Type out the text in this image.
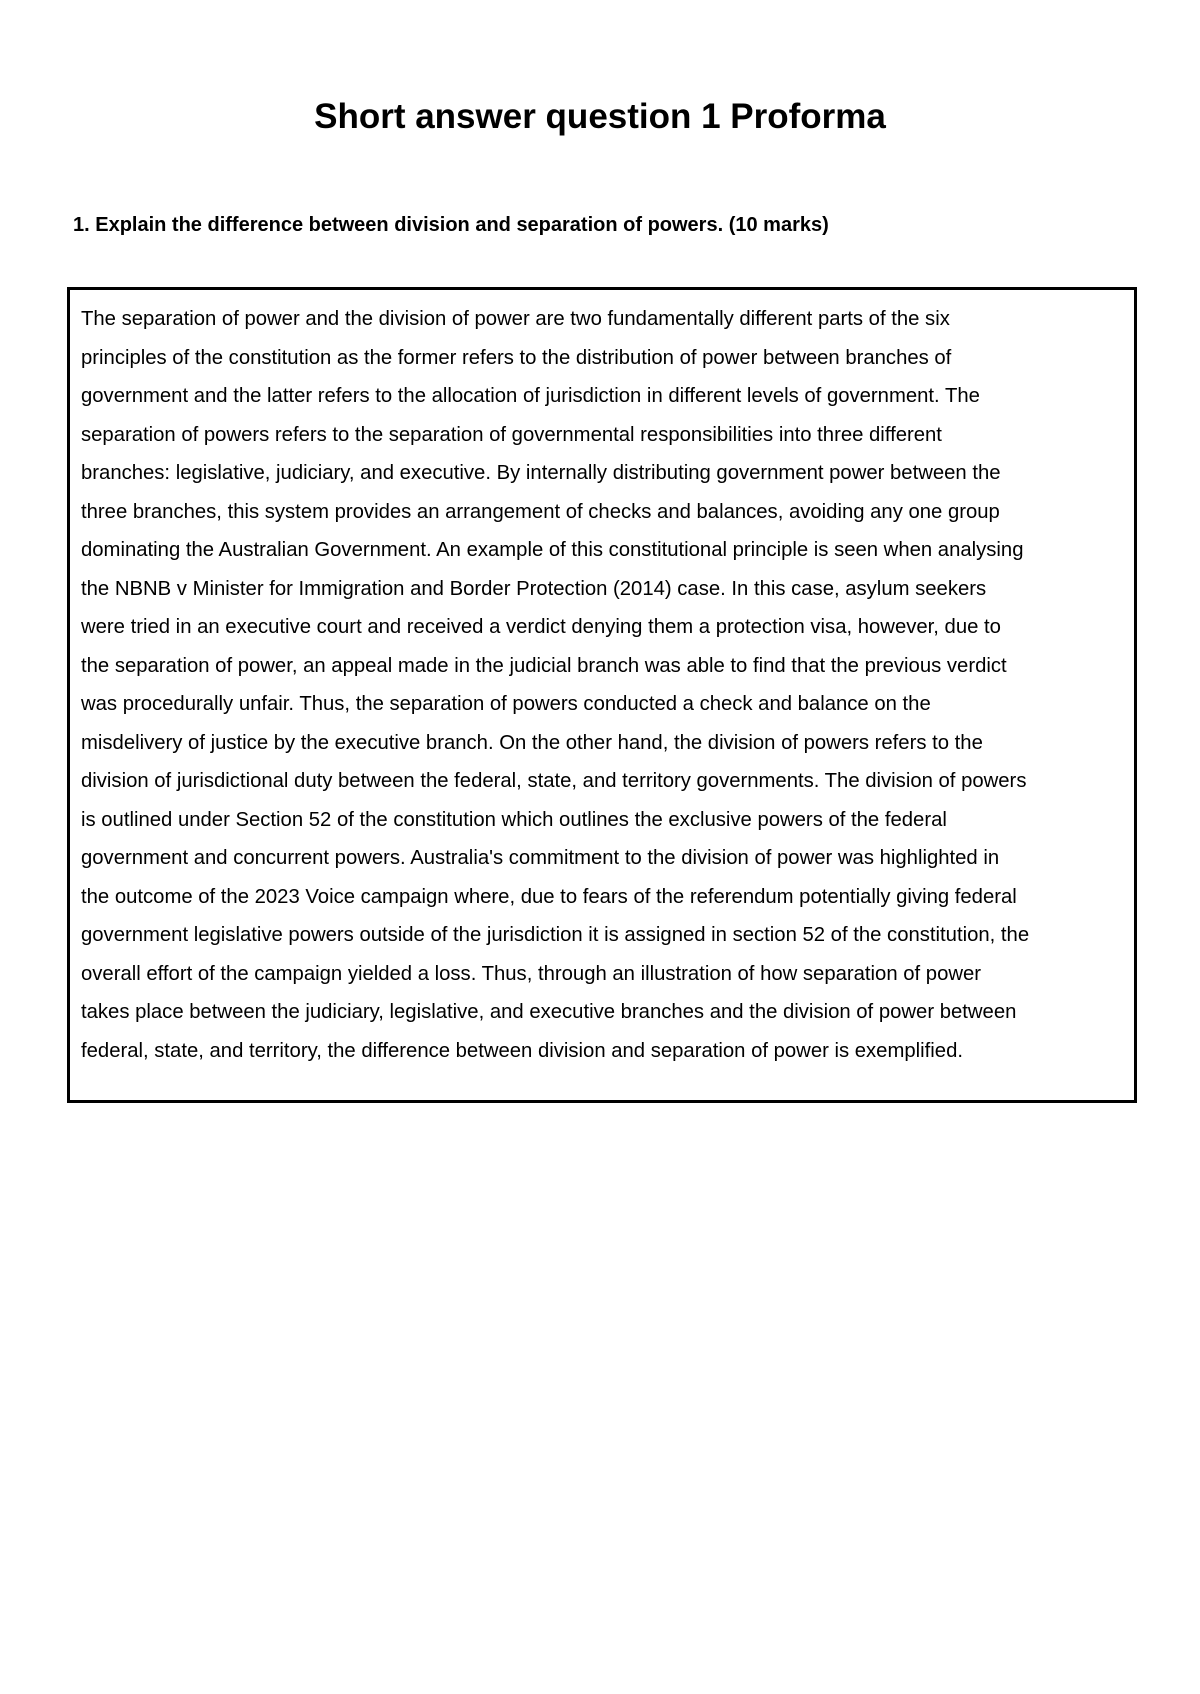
Short answer question 1 Proforma

1. Explain the difference between division and separation of powers. (10 marks)

The separation of power and the division of power are two fundamentally different parts of the six
principles of the constitution as the former refers to the distribution of power between branches of
government and the latter refers to the allocation of jurisdiction in different levels of government. The
separation of powers refers to the separation of governmental responsibilities into three different
branches: legislative, judiciary, and executive. By internally distributing government power between the
three branches, this system provides an arrangement of checks and balances, avoiding any one group
dominating the Australian Government. An example of this constitutional principle is seen when analysing
the NBNB v Minister for Immigration and Border Protection (2014) case. In this case, asylum seekers
were tried in an executive court and received a verdict denying them a protection visa, however, due to
the separation of power, an appeal made in the judicial branch was able to find that the previous verdict
was procedurally unfair. Thus, the separation of powers conducted a check and balance on the
misdelivery of justice by the executive branch. On the other hand, the division of powers refers to the
division of jurisdictional duty between the federal, state, and territory governments. The division of powers
is outlined under Section 52 of the constitution which outlines the exclusive powers of the federal
government and concurrent powers. Australia's commitment to the division of power was highlighted in
the outcome of the 2023 Voice campaign where, due to fears of the referendum potentially giving federal
government legislative powers outside of the jurisdiction it is assigned in section 52 of the constitution, the
overall effort of the campaign yielded a loss. Thus, through an illustration of how separation of power
takes place between the judiciary, legislative, and executive branches and the division of power between
federal, state, and territory, the difference between division and separation of power is exemplified.
